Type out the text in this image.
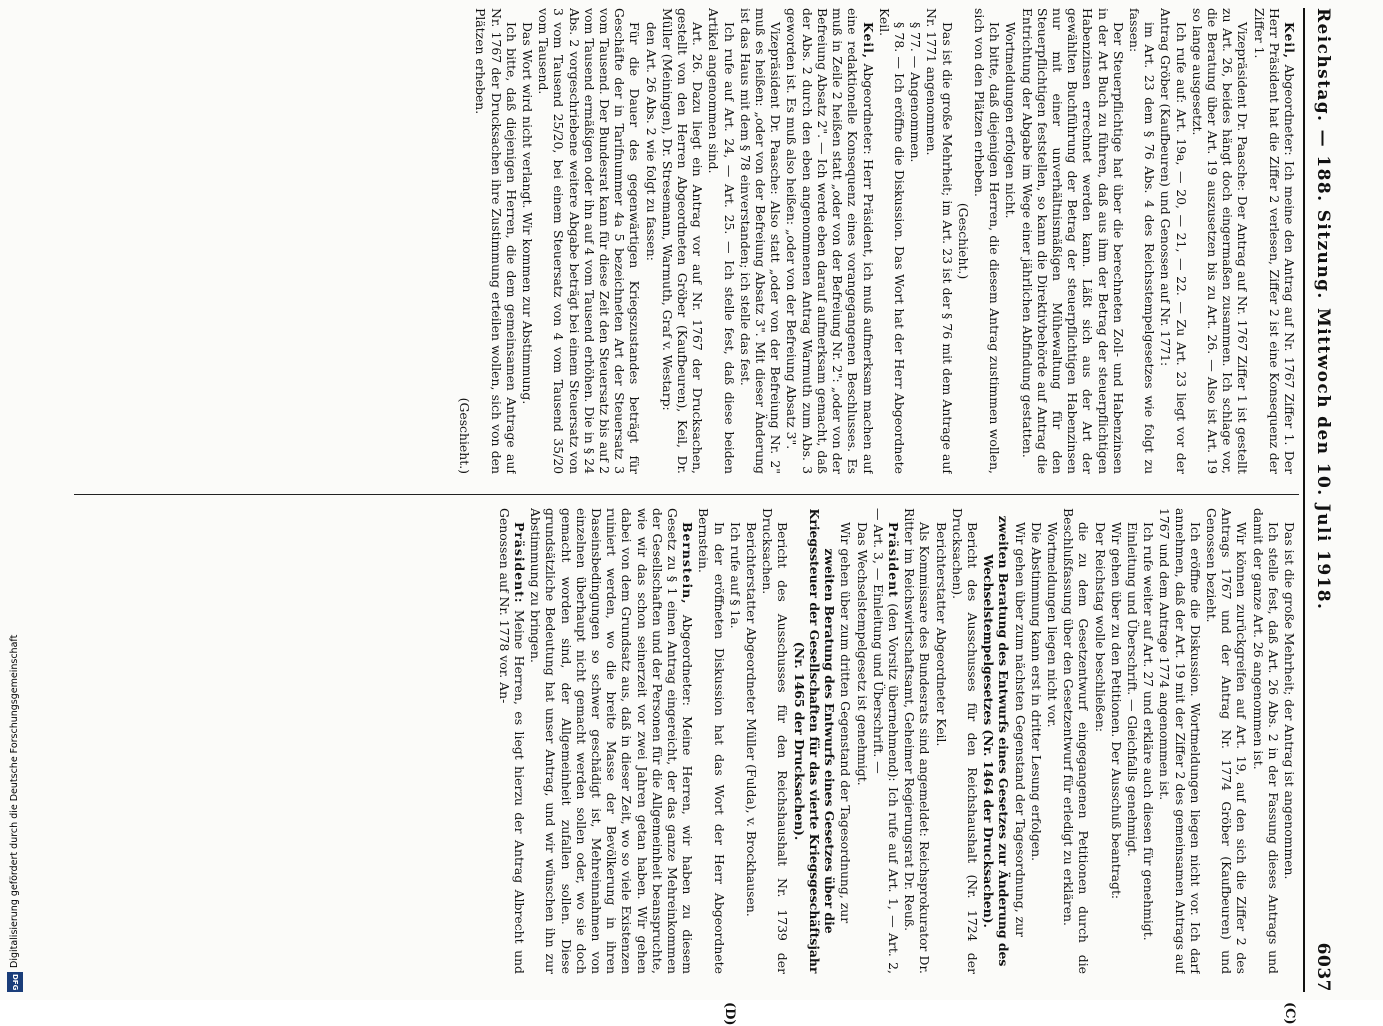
Reichstag. — 188. Sitzung.
Mittwoch den 10. Juli 1918.
6037
(C)
(D)

Keil, Abgeordneter: Ich meine den Antrag auf Nr. 1767 Ziffer 1. Der Herr Präsident hat die Ziffer 2 verlesen, Ziffer 2 ist eine Konsequenz der Ziffer 1.

Vizepräsident Dr. Paasche: Der Antrag auf Nr. 1767 Ziffer 1 ist gestellt zu Art. 26, beides hängt doch eingermaßen zusammen. Ich schlage vor, die Beratung über Art. 19 auszusetzen bis zu Art. 26. — Also ist Art. 19 so lange ausgesetzt.

Ich rufe auf: Art. 19a, — 20, — 21, — 22. — Zu Art. 23 liegt vor der Antrag Gröber (Kaufbeuren) und Genossen auf Nr. 1771:

im Art. 23 dem § 76 Abs. 4 des Reichsstempelgesetzes wie folgt zu fassen:

Der Steuerpflichtige hat über die berechneten Zoll- und Habenzinsen in der Art Buch zu führen, daß aus ihm der Betrag der steuerpflichtigen Habenzinsen errechnet werden kann. Läßt sich aus der Art der gewählten Buchführung der Betrag der steuerpflichtigen Habenzinsen nur mit einer unverhältnismäßigen Mühewaltung für den Steuerpflichtigen feststellen, so kann die Direktivbehörde auf Antrag die Entrichtung der Abgabe im Wege einer jährlichen Abfindung gestatten.

Wortmeldungen erfolgen nicht.

Ich bitte, daß diejenigen Herren, die diesem Antrag zustimmen wollen, sich von den Plätzen erheben.

(Geschieht.)

Das ist die große Mehrheit; im Art. 23 ist der § 76 mit dem Antrage auf Nr. 1771 angenommen.

§ 77. — Angenommen.

§ 78. — Ich eröffne die Diskussion. Das Wort hat der Herr Abgeordnete Keil.

Keil, Abgeordneter: Herr Präsident, ich muß aufmerksam machen auf eine redaktionelle Konsequenz eines vorangegangenen Beschlusses. Es muß in Zeile 2 heißen statt „oder von der Befreiung Nr. 2": „oder von der Befreiung Absatz 2". — Ich werde eben darauf aufmerksam gemacht, daß der Abs. 2 durch den eben angenommenen Antrag Warmuth zum Abs. 3 geworden ist. Es muß also heißen: „oder von der Befreiung Absatz 3".

Vizepräsident Dr. Paasche: Also statt „oder von der Befreiung Nr. 2" muß es heißen: „oder von der Befreiung Absatz 3". Mit dieser Änderung ist das Haus mit dem § 78 einverstanden; ich stelle das fest.

Ich rufe auf Art. 24, — Art. 25. — Ich stelle fest, daß diese beiden Artikel angenommen sind.

Art. 26. Dazu liegt ein Antrag vor auf Nr. 1767 der Drucksachen, gestellt von den Herren Abgeordneten Gröber (Kaufbeuren), Keil, Dr. Müller (Meiningen), Dr. Stresemann, Warmuth, Graf v. Westarp:

den Art. 26 Abs. 2 wie folgt zu fassen:

Für die Dauer des gegenwärtigen Kriegszustandes beträgt für Geschäfte der in Tarifnummer 4a 5 bezeichneten Art der Steuersatz 3 vom Tausend. Der Bundesrat kann für diese Zeit den Steuersatz bis auf 2 vom Tausend ermäßigen oder ihn auf 4 vom Tausend erhöhen. Die in § 24 Abs. 2 vorgeschriebene weitere Abgabe beträgt bei einem Steuersatz von 3 vom Tausend 25/20, bei einem Steuersatz von 4 vom Tausend 35/20 vom Tausend.

Das Wort wird nicht verlangt. Wir kommen zur Abstimmung.

Ich bitte, daß diejenigen Herren, die dem gemeinsamen Antrage auf Nr. 1767 der Drucksachen ihre Zustimmung erteilen wollen, sich von den Plätzen erheben.

(Geschieht.)

Das ist die große Mehrheit; der Antrag ist angenommen.

Ich stelle fest, daß Art. 26 Abs. 2 in der Fassung dieses Antrags und damit der ganze Art. 26 angenommen ist.

Wir können zurückgreifen auf Art. 19, auf den sich die Ziffer 2 des Antrags 1767 und der Antrag Nr. 1774 Gröber (Kaufbeuren) und Genossen bezieht.

Ich eröffne die Diskussion. Wortmeldungen liegen nicht vor. Ich darf annehmen, daß der Art. 19 mit der Ziffer 2 des gemeinsamen Antrags auf 1767 und dem Antrage 1774 angenommen ist.

Ich rufe weiter auf Art. 27 und erkläre auch diesen für genehmigt.

Einleitung und Überschrift. — Gleichfalls genehmigt.

Wir gehen über zu den Petitionen. Der Ausschuß beantragt:

Der Reichstag wolle beschließen:

die zu dem Gesetzentwurf eingegangenen Petitionen durch die Beschlußfassung über den Gesetzentwurf für erledigt zu erklären.

Wortmeldungen liegen nicht vor.

Die Abstimmung kann erst in dritter Lesung erfolgen.

Wir gehen über zum nächsten Gegenstand der Tagesordnung, zur

zweiten Beratung des Entwurfs eines Gesetzes zur Änderung des Wechselstempelgesetzes (Nr. 1464 der Drucksachen).

Bericht des Ausschusses für den Reichshaushalt (Nr. 1724 der Drucksachen).

Berichterstatter Abgeordneter Keil.

Als Kommissare des Bundesrats sind angemeldet: Reichsprokurator Dr. Ritter im Reichswirtschaftsamt, Geheimer Regierungsrat Dr. Reuß.

Präsident (den Vorsitz übernehmend): Ich rufe auf Art. 1, — Art. 2, — Art. 3, — Einleitung und Überschrift. —

Das Wechselstempelgesetz ist genehmigt.

Wir gehen über zum dritten Gegenstand der Tagesordnung, zur

zweiten Beratung des Entwurfs eines Gesetzes über die Kriegssteuer der Gesellschaften für das vierte Kriegsgeschäftsjahr (Nr. 1465 der Drucksachen).

Bericht des Ausschusses für den Reichshaushalt Nr. 1739 der Drucksachen.

Berichterstatter Abgeordneter Müller (Fulda), v. Brockhausen.

Ich rufe auf § 1a.

In der eröffneten Diskussion hat das Wort der Herr Abgeordnete Bernstein.

Bernstein, Abgeordneter: Meine Herren, wir haben zu diesem Gesetz zu § 1 einen Antrag eingereicht, der das ganze Mehreinkommen der Gesellschaften und der Personen für die Allgemeinheit beanspruchte, wie wir das schon seinerzeit vor zwei Jahren getan haben. Wir gehen dabei von dem Grundsatz aus, daß in dieser Zeit, wo so viele Existenzen ruiniert werden, wo die breite Masse der Bevölkerung in ihren Daseinsbedingungen so schwer geschädigt ist, Mehreinnahmen von einzelnen überhaupt nicht gemacht werden sollen oder, wo sie doch gemacht worden sind, der Allgemeinheit zufallen sollen. Diese grundsätzliche Bedeutung hat unser Antrag, und wir wünschen ihn zur Abstimmung zu bringen.

Präsident: Meine Herren, es liegt hierzu der Antrag Albrecht und Genossen auf Nr. 1778 vor. An-

Digitalisierung gefördert durch die Deutsche Forschungsgemeinschaft
DFG
